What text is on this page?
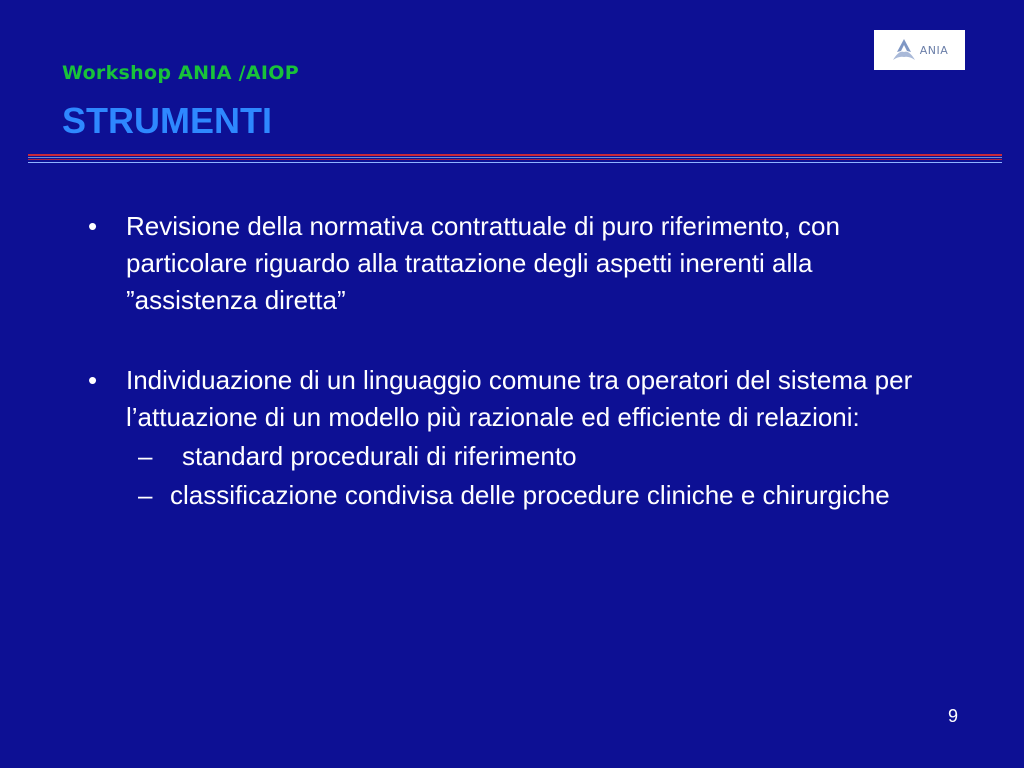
Workshop ANIA /AIOP
STRUMENTI
ANIA
• Revisione della normativa contrattuale di puro riferimento, con particolare riguardo alla trattazione degli aspetti inerenti alla ”assistenza diretta”
• Individuazione di un linguaggio comune tra operatori del sistema per l’attuazione di un modello più razionale ed efficiente di relazioni:
– standard procedurali di riferimento
– classificazione condivisa delle procedure cliniche e chirurgiche
9
